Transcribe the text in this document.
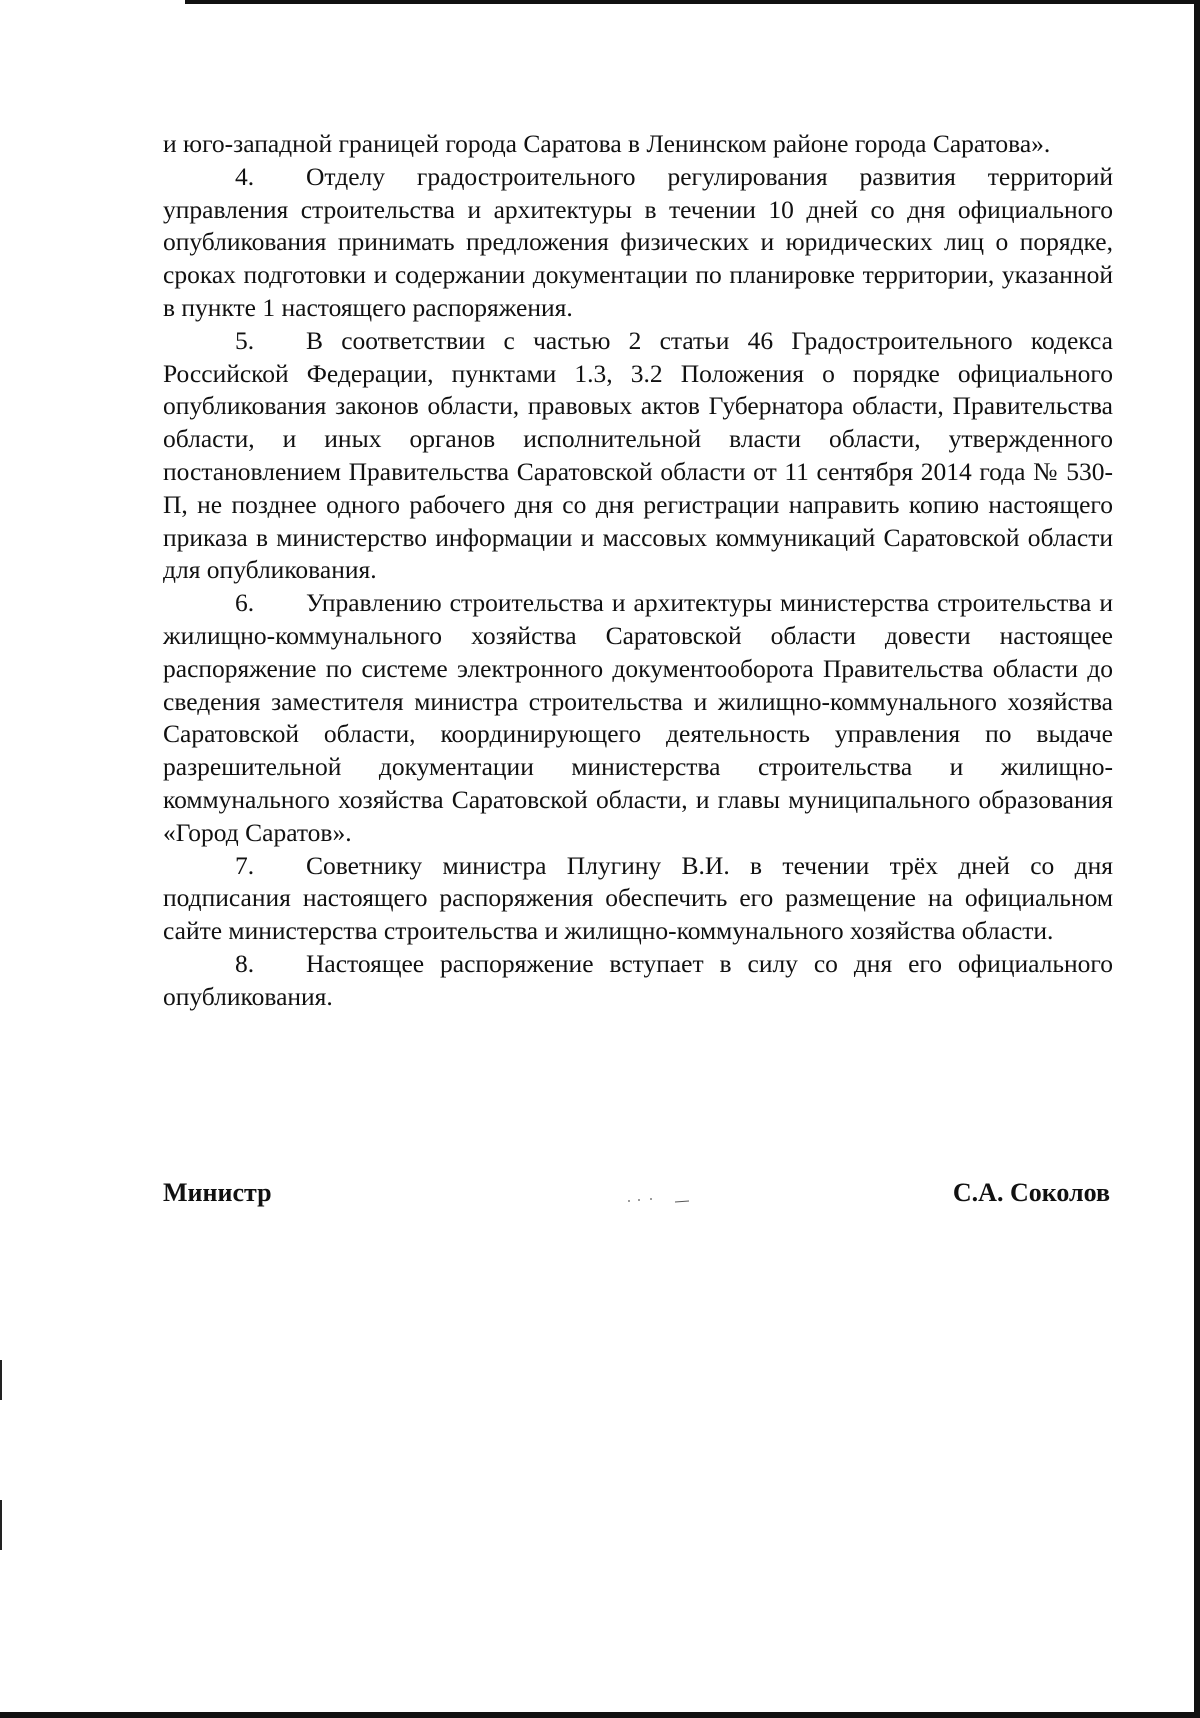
и юго-западной границей города Саратова в Ленинском районе города Саратова».

4. Отделу градостроительного регулирования развития территорий управления строительства и архитектуры в течении 10 дней со дня официального опубликования принимать предложения физических и юридических лиц о порядке, сроках подготовки и содержании документации по планировке территории, указанной в пункте 1 настоящего распоряжения.

5. В соответствии с частью 2 статьи 46 Градостроительного кодекса Российской Федерации, пунктами 1.3, 3.2 Положения о порядке официального опубликования законов области, правовых актов Губернатора области, Правительства области, и иных органов исполнительной власти области, утвержденного постановлением Правительства Саратовской области от 11 сентября 2014 года № 530-П, не позднее одного рабочего дня со дня регистрации направить копию настоящего приказа в министерство информации и массовых коммуникаций Саратовской области для опубликования.

6. Управлению строительства и архитектуры министерства строительства и жилищно-коммунального хозяйства Саратовской области довести настоящее распоряжение по системе электронного документооборота Правительства области до сведения заместителя министра строительства и жилищно-коммунального хозяйства Саратовской области, координирующего деятельность управления по выдаче разрешительной документации министерства строительства и жилищно-коммунального хозяйства Саратовской области, и главы муниципального образования «Город Саратов».

7. Советнику министра Плугину В.И. в течении трёх дней со дня подписания настоящего распоряжения обеспечить его размещение на официальном сайте министерства строительства и жилищно-коммунального хозяйства области.

8. Настоящее распоряжение вступает в силу со дня его официального опубликования.

Министр	С.А. Соколов
